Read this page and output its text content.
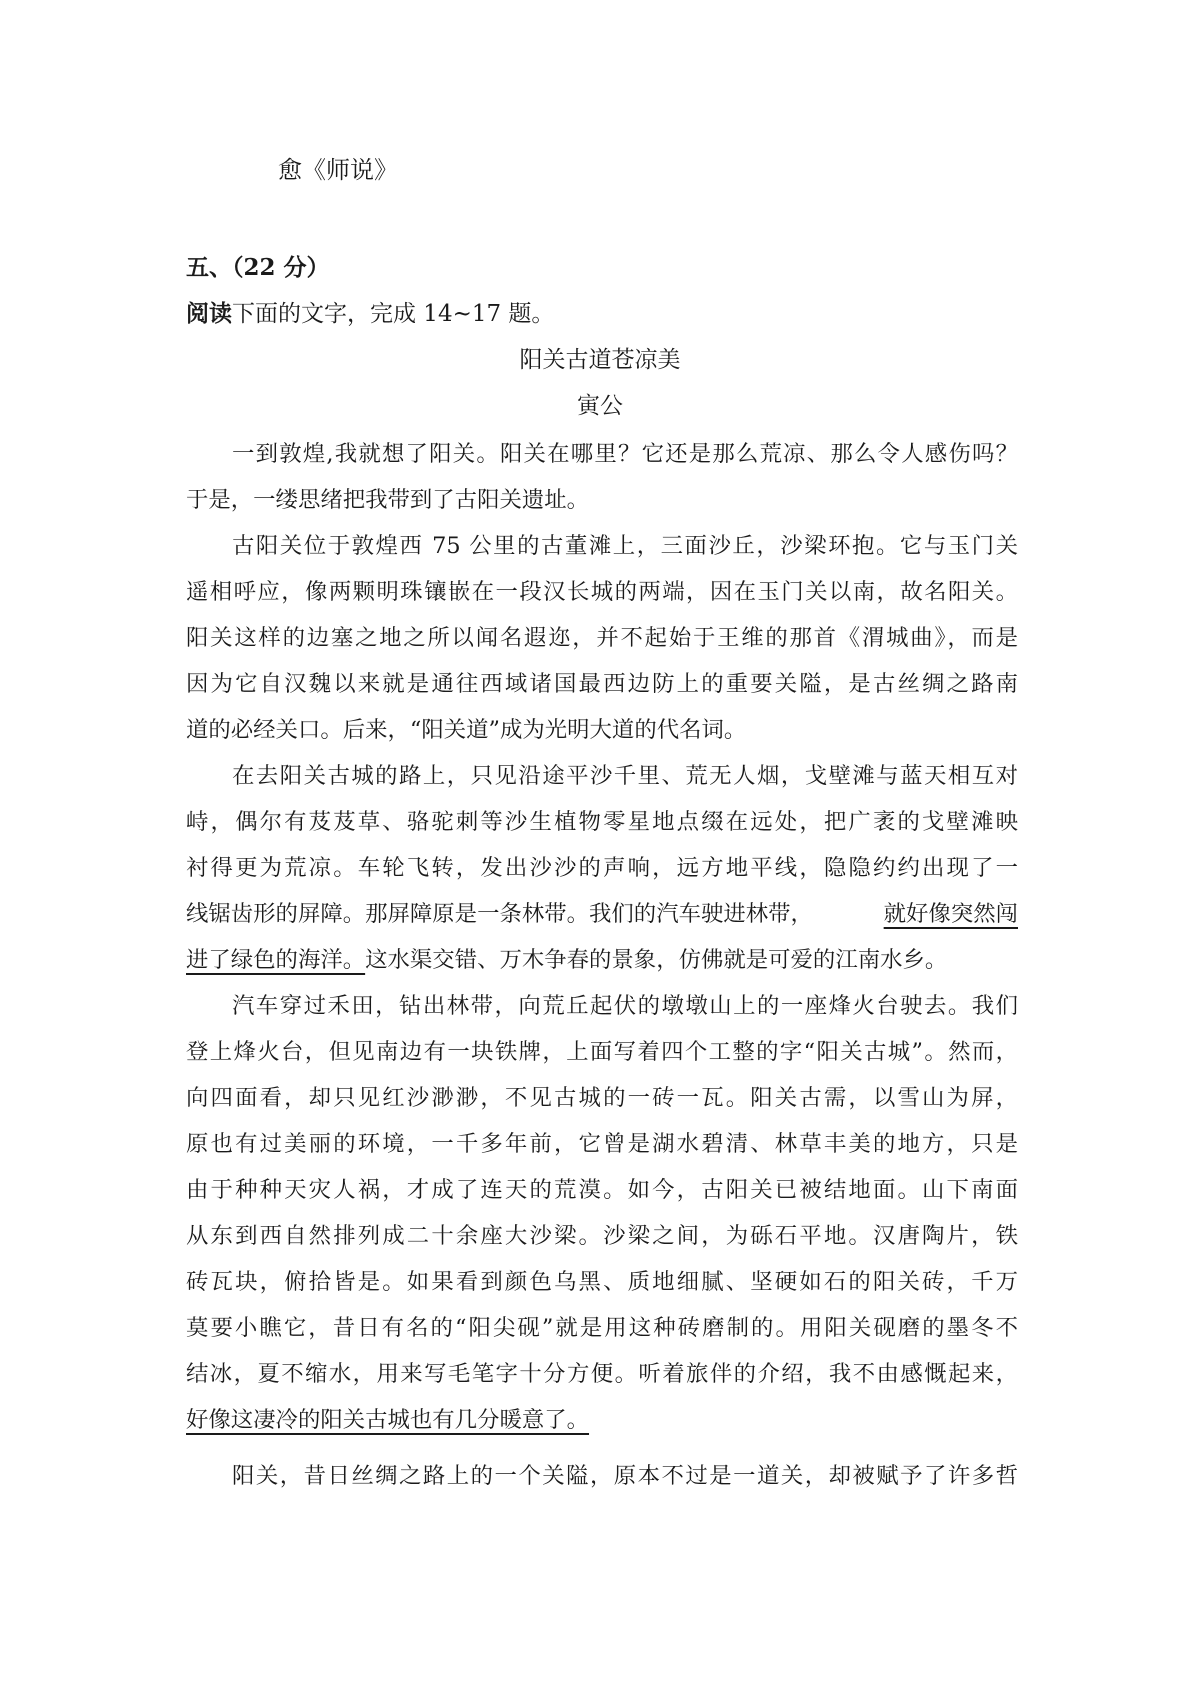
愈《师说》
五、（22 分）
阅读下面的文字，完成 14~17 题。
阳关古道苍凉美
寅公
一到敦煌,我就想了阳关。阳关在哪里？它还是那么荒凉、那么令人感伤吗？
于是，一缕思绪把我带到了古阳关遗址。
古阳关位于敦煌西 75 公里的古董滩上，三面沙丘，沙梁环抱。它与玉门关
遥相呼应，像两颗明珠镶嵌在一段汉长城的两端，因在玉门关以南，故名阳关。
阳关这样的边塞之地之所以闻名遐迩，并不起始于王维的那首《渭城曲》，而是
因为它自汉魏以来就是通往西域诸国最西边防上的重要关隘，是古丝绸之路南
道的必经关口。后来，“阳关道”成为光明大道的代名词。
在去阳关古城的路上，只见沿途平沙千里、荒无人烟，戈壁滩与蓝天相互对
峙，偶尔有芨芨草、骆驼刺等沙生植物零星地点缀在远处，把广袤的戈壁滩映
衬得更为荒凉。车轮飞转，发出沙沙的声响，远方地平线，隐隐约约出现了一
线锯齿形的屏障。那屏障原是一条林带。我们的汽车驶进林带，	就好像突然闯
进了绿色的海洋。这水渠交错、万木争春的景象，仿佛就是可爱的江南水乡。
汽车穿过禾田，钻出林带，向荒丘起伏的墩墩山上的一座烽火台驶去。我们
登上烽火台，但见南边有一块铁牌，上面写着四个工整的字“阳关古城”。然而，
向四面看，却只见红沙渺渺，不见古城的一砖一瓦。阳关古需，以雪山为屏，
原也有过美丽的环境，一千多年前，它曾是湖水碧清、林草丰美的地方，只是
由于种种天灾人祸，才成了连天的荒漠。如今，古阳关已被结地面。山下南面
从东到西自然排列成二十余座大沙梁。沙梁之间，为砾石平地。汉唐陶片，铁
砖瓦块，俯拾皆是。如果看到颜色乌黑、质地细腻、坚硬如石的阳关砖，千万
莫要小瞧它，昔日有名的“阳尖砚”就是用这种砖磨制的。用阳关砚磨的墨冬不
结冰，夏不缩水，用来写毛笔字十分方便。听着旅伴的介绍，我不由感慨起来，
好像这凄冷的阳关古城也有几分暖意了。
阳关，昔日丝绸之路上的一个关隘，原本不过是一道关，却被赋予了许多哲
